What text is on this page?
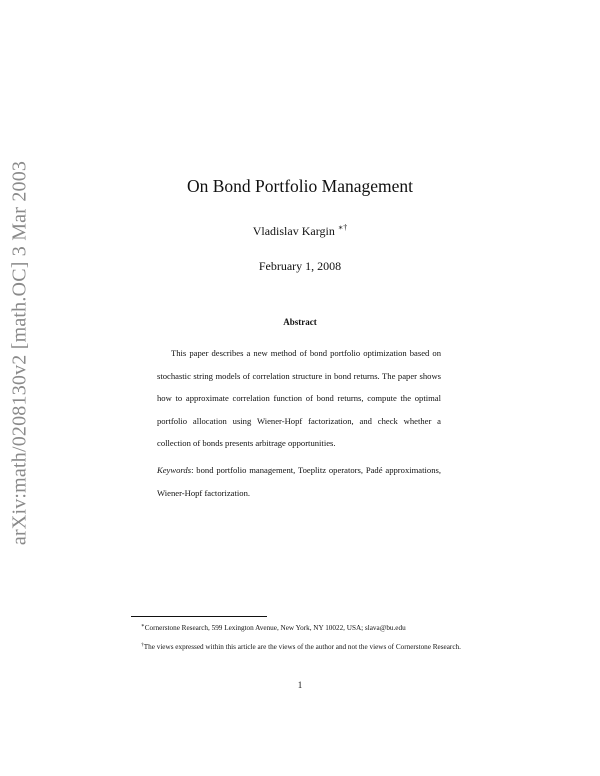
arXiv:math/0208130v2 [math.OC] 3 Mar 2003	On Bond Portfolio Management
Vladislav Kargin ∗†
February 1, 2008
Abstract

This paper describes a new method of bond portfolio optimization based on stochastic string models of correlation structure in bond returns. The paper shows how to approximate correlation function of bond returns, compute the optimal portfolio allocation using Wiener-Hopf factorization, and check whether a collection of bonds presents arbitrage opportunities.

Keywords: bond portfolio management, Toeplitz operators, Padé approximations, Wiener-Hopf factorization.

∗Cornerstone Research, 599 Lexington Avenue, New York, NY 10022, USA; slava@bu.edu

†The views expressed within this article are the views of the author and not the views of Cornerstone Research.

1
